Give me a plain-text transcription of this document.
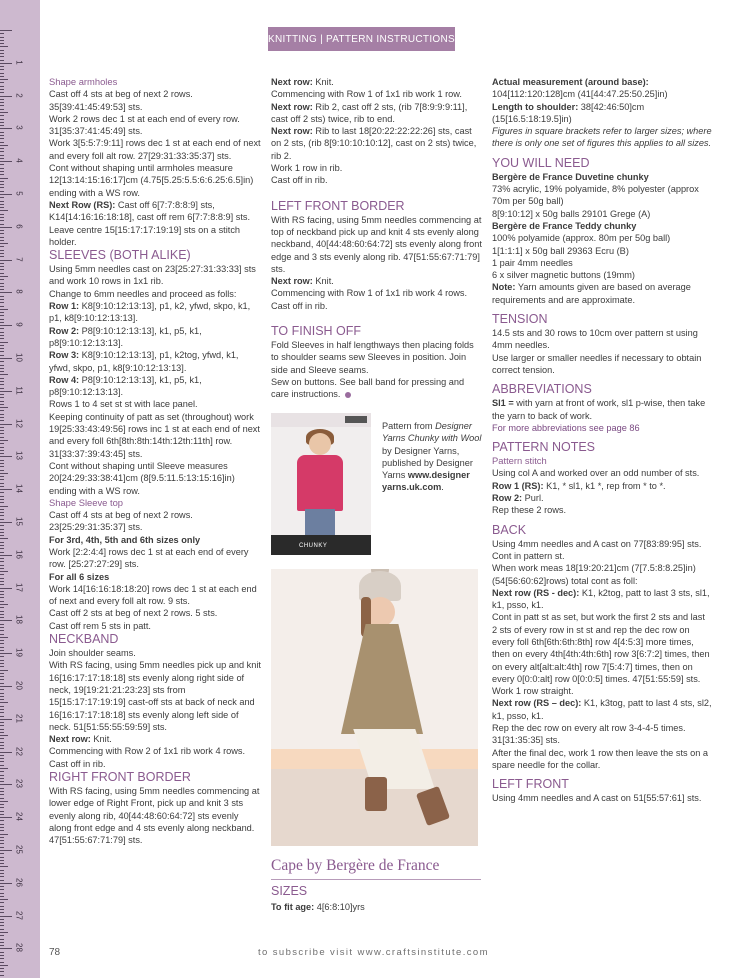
1
2
3
4
5
6
7
8
9
10
11
12
13
14
15
16
17
18
19
20
21
22
23
24
25
26
27
28
KNITTING | PATTERN INSTRUCTIONS

Shape armholes

Cast off 4 sts at beg of next 2 rows. 35[39:41:45:49:53] sts.

Work 2 rows dec 1 st at each end of every row. 31[35:37:41:45:49] sts.

Work 3[5:5:7:9:11] rows dec 1 st at each end of next and every foll alt row. 27[29:31:33:35:37] sts.

Cont without shaping until armholes measure 12[13:14:15:16:17]cm (4.75[5.25:5.5:6:6.25:6.5]in) ending with a WS row.

Next Row (RS): Cast off 6[7:7:8:8:9] sts, K14[14:16:16:18:18], cast off rem 6[7:7:8:8:9] sts.

Leave centre 15[15:17:17:19:19] sts on a stitch holder.

SLEEVES (BOTH ALIKE)

Using 5mm needles cast on 23[25:27:31:33:33] sts and work 10 rows in 1x1 rib.

Change to 6mm needles and proceed as folls:

Row 1: K8[9:10:12:13:13], p1, k2, yfwd, skpo, k1, p1, k8[9:10:12:13:13].

Row 2: P8[9:10:12:13:13], k1, p5, k1, p8[9:10:12:13:13].

Row 3: K8[9:10:12:13:13], p1, k2tog, yfwd, k1, yfwd, skpo, p1, k8[9:10:12:13:13].

Row 4: P8[9:10:12:13:13], k1, p5, k1, p8[9:10:12:13:13].

Rows 1 to 4 set st st with lace panel.

Keeping continuity of patt as set (throughout) work 19[25:33:43:49:56] rows inc 1 st at each end of next and every foll 6th[8th:8th:14th:12th:11th] row. 31[33:37:39:43:45] sts.

Cont without shaping until Sleeve measures 20[24:29:33:38:41]cm (8[9.5:11.5:13:15:16]in) ending with a WS row.

Shape Sleeve top

Cast off 4 sts at beg of next 2 rows. 23[25:29:31:35:37] sts.

For 3rd, 4th, 5th and 6th sizes only

Work [2:2:4:4] rows dec 1 st at each end of every row. [25:27:27:29] sts.

For all 6 sizes

Work 14[16:16:18:18:20] rows dec 1 st at each end of next and every foll alt row. 9 sts.

Cast off 2 sts at beg of next 2 rows. 5 sts.

Cast off rem 5 sts in patt.

NECKBAND

Join shoulder seams.

With RS facing, using 5mm needles pick up and knit 16[16:17:17:18:18] sts evenly along right side of neck, 19[19:21:21:23:23] sts from 15[15:17:17:19:19] cast-off sts at back of neck and 16[16:17:17:18:18] sts evenly along left side of neck. 51[51:55:55:59:59] sts.

Next row: Knit.

Commencing with Row 2 of 1x1 rib work 4 rows. Cast off in rib.

RIGHT FRONT BORDER

With RS facing, using 5mm needles commencing at lower edge of Right Front, pick up and knit 3 sts evenly along rib, 40[44:48:60:64:72] sts evenly along front edge and 4 sts evenly along neckband. 47[51:55:67:71:79] sts.

Next row: Knit.

Commencing with Row 1 of 1x1 rib work 1 row.

Next row: Rib 2, cast off 2 sts, (rib 7[8:9:9:9:11], cast off 2 sts) twice, rib to end.

Next row: Rib to last 18[20:22:22:22:26] sts, cast on 2 sts, (rib 8[9:10:10:10:12], cast on 2 sts) twice, rib 2.

Work 1 row in rib.

Cast off in rib.

LEFT FRONT BORDER

With RS facing, using 5mm needles commencing at top of neckband pick up and knit 4 sts evenly along neckband, 40[44:48:60:64:72] sts evenly along front edge and 3 sts evenly along rib. 47[51:55:67:71:79] sts.

Next row: Knit.

Commencing with Row 1 of 1x1 rib work 4 rows. Cast off in rib.

TO FINISH OFF

Fold Sleeves in half lengthways then placing folds to shoulder seams sew Sleeves in position. Join side and Sleeve seams.

Sew on buttons. See ball band for pressing and care instructions.

CHUNKY
Pattern from Designer Yarns Chunky with Wool by Designer Yarns, published by Designer Yarns www.designer yarns.uk.com.
Cape by Bergère de France
SIZES
To fit age: 4[6:8:10]yrs

Actual measurement (around base):

104[112:120:128]cm (41[44:47.25:50.25]in)

Length to shoulder: 38[42:46:50]cm (15[16.5:18:19.5]in)

Figures in square brackets refer to larger sizes; where there is only one set of figures this applies to all sizes.

YOU WILL NEED

Bergère de France Duvetine chunky

73% acrylic, 19% polyamide, 8% polyester (approx 70m per 50g ball)

8[9:10:12] x 50g balls 29101 Grege (A)

Bergère de France Teddy chunky

100% polyamide (approx. 80m per 50g ball)

1[1:1:1] x 50g ball 29363 Ecru (B)

1 pair 4mm needles

6 x silver magnetic buttons (19mm)

Note: Yarn amounts given are based on average requirements and are approximate.

TENSION

14.5 sts and 30 rows to 10cm over pattern st using 4mm needles.

Use larger or smaller needles if necessary to obtain correct tension.

ABBREVIATIONS

Sl1 = with yarn at front of work, sl1 p-wise, then take the yarn to back of work.

For more abbreviations see page 86

PATTERN NOTES

Pattern stitch

Using col A and worked over an odd number of sts.

Row 1 (RS): K1, * sl1, k1 *, rep from * to *.

Row 2: Purl.

Rep these 2 rows.

BACK

Using 4mm needles and A cast on 77[83:89:95] sts.

Cont in pattern st.

When work meas 18[19:20:21]cm (7[7.5:8:8.25]in) (54[56:60:62]rows) total cont as foll:

Next row (RS - dec): K1, k2tog, patt to last 3 sts, sl1, k1, psso, k1.

Cont in patt st as set, but work the first 2 sts and last 2 sts of every row in st st and rep the dec row on every foll 6th[6th:6th:8th] row 4[4:5:3] more times, then on every 4th[4th:4th:6th] row 3[6:7:2] times, then on every alt[alt:alt:4th] row 7[5:4:7] times, then on every 0[0:0:alt] row 0[0:0:5] times. 47[51:55:59] sts.

Work 1 row straight.

Next row (RS – dec): K1, k3tog, patt to last 4 sts, sl2, k1, psso, k1.

Rep the dec row on every alt row 3-4-4-5 times. 31[31:35:35] sts.

After the final dec, work 1 row then leave the sts on a spare needle for the collar.

LEFT FRONT

Using 4mm needles and A cast on 51[55:57:61] sts.

78	to subscribe visit www.craftsinstitute.com
